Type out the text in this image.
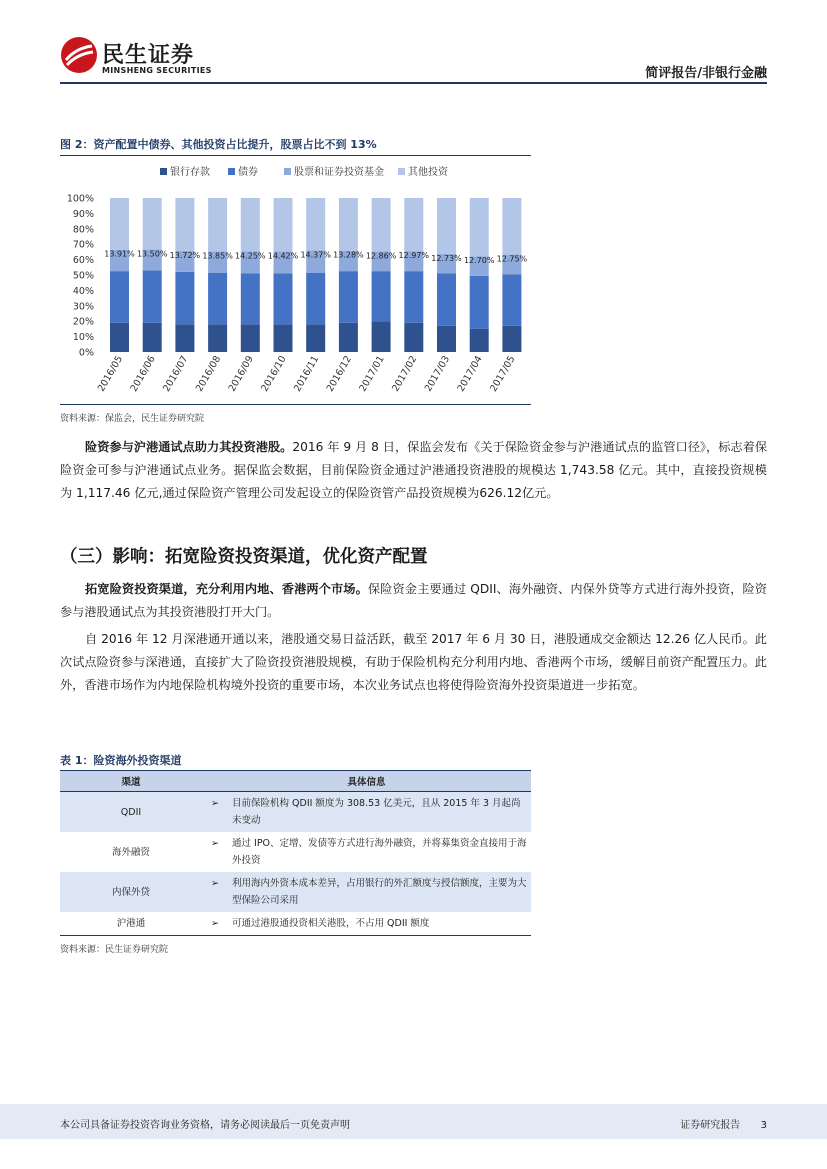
民生证券
MINSHENG SECURITIES	简评报告/非银行金融
图 2：资产配置中债券、其他投资占比提升，股票占比不到 13%
银行存款	债券	股票和证券投资基金 其他投资
0%
10%
20%
30%
40%
50%
60%
70%
80%
90%
100%
13.91%
2016/05
13.50%
2016/06
13.72%
2016/07
13.85%
2016/08
14.25%
2016/09
14.42%
2016/10
14.37%
2016/11
13.28%
2016/12
12.86%
2017/01
12.97%
2017/02
12.73%
2017/03
12.70%
2017/04
12.75%
2017/05
资料来源：保监会，民生证券研究院
险资参与沪港通试点助力其投资港股。2016 年 9 月 8 日，保监会发布《关于保险资金参与沪港通试点的监管口径》，标志着保险资金可参与沪港通试点业务。据保监会数据，目前保险资金通过沪港通投资港股的规模达 1,743.58 亿元。其中，直接投资规模为 1,117.46 亿元,通过保险资产管理公司发起设立的保险资管产品投资规模为626.12亿元。
（三）影响：拓宽险资投资渠道，优化资产配置
拓宽险资投资渠道，充分利用内地、香港两个市场。保险资金主要通过 QDII、海外融资、内保外贷等方式进行海外投资，险资参与港股通试点为其投资港股打开大门。
自 2016 年 12 月深港通开通以来，港股通交易日益活跃，截至 2017 年 6 月 30 日，港股通成交金额达 12.26 亿人民币。此次试点险资参与深港通，直接扩大了险资投资港股规模，有助于保险机构充分利用内地、香港两个市场，缓解目前资产配置压力。此外，香港市场作为内地保险机构境外投资的重要市场，本次业务试点也将使得险资海外投资渠道进一步拓宽。
表 1：险资海外投资渠道
渠道	具体信息	
QDII	➢	目前保险机构 QDII 额度为 308.53 亿美元，且从 2015 年 3 月起尚未变动
海外融资	➢	通过 IPO、定增、发债等方式进行海外融资，并将募集资金直接用于海外投资
内保外贷	➢	利用海内外资本成本差异，占用银行的外汇额度与授信额度，主要为大型保险公司采用
沪港通	➢	可通过港股通投资相关港股，不占用 QDII 额度
资料来源：民生证券研究院
本公司具备证券投资咨询业务资格，请务必阅读最后一页免责声明	证券研究报告 3
